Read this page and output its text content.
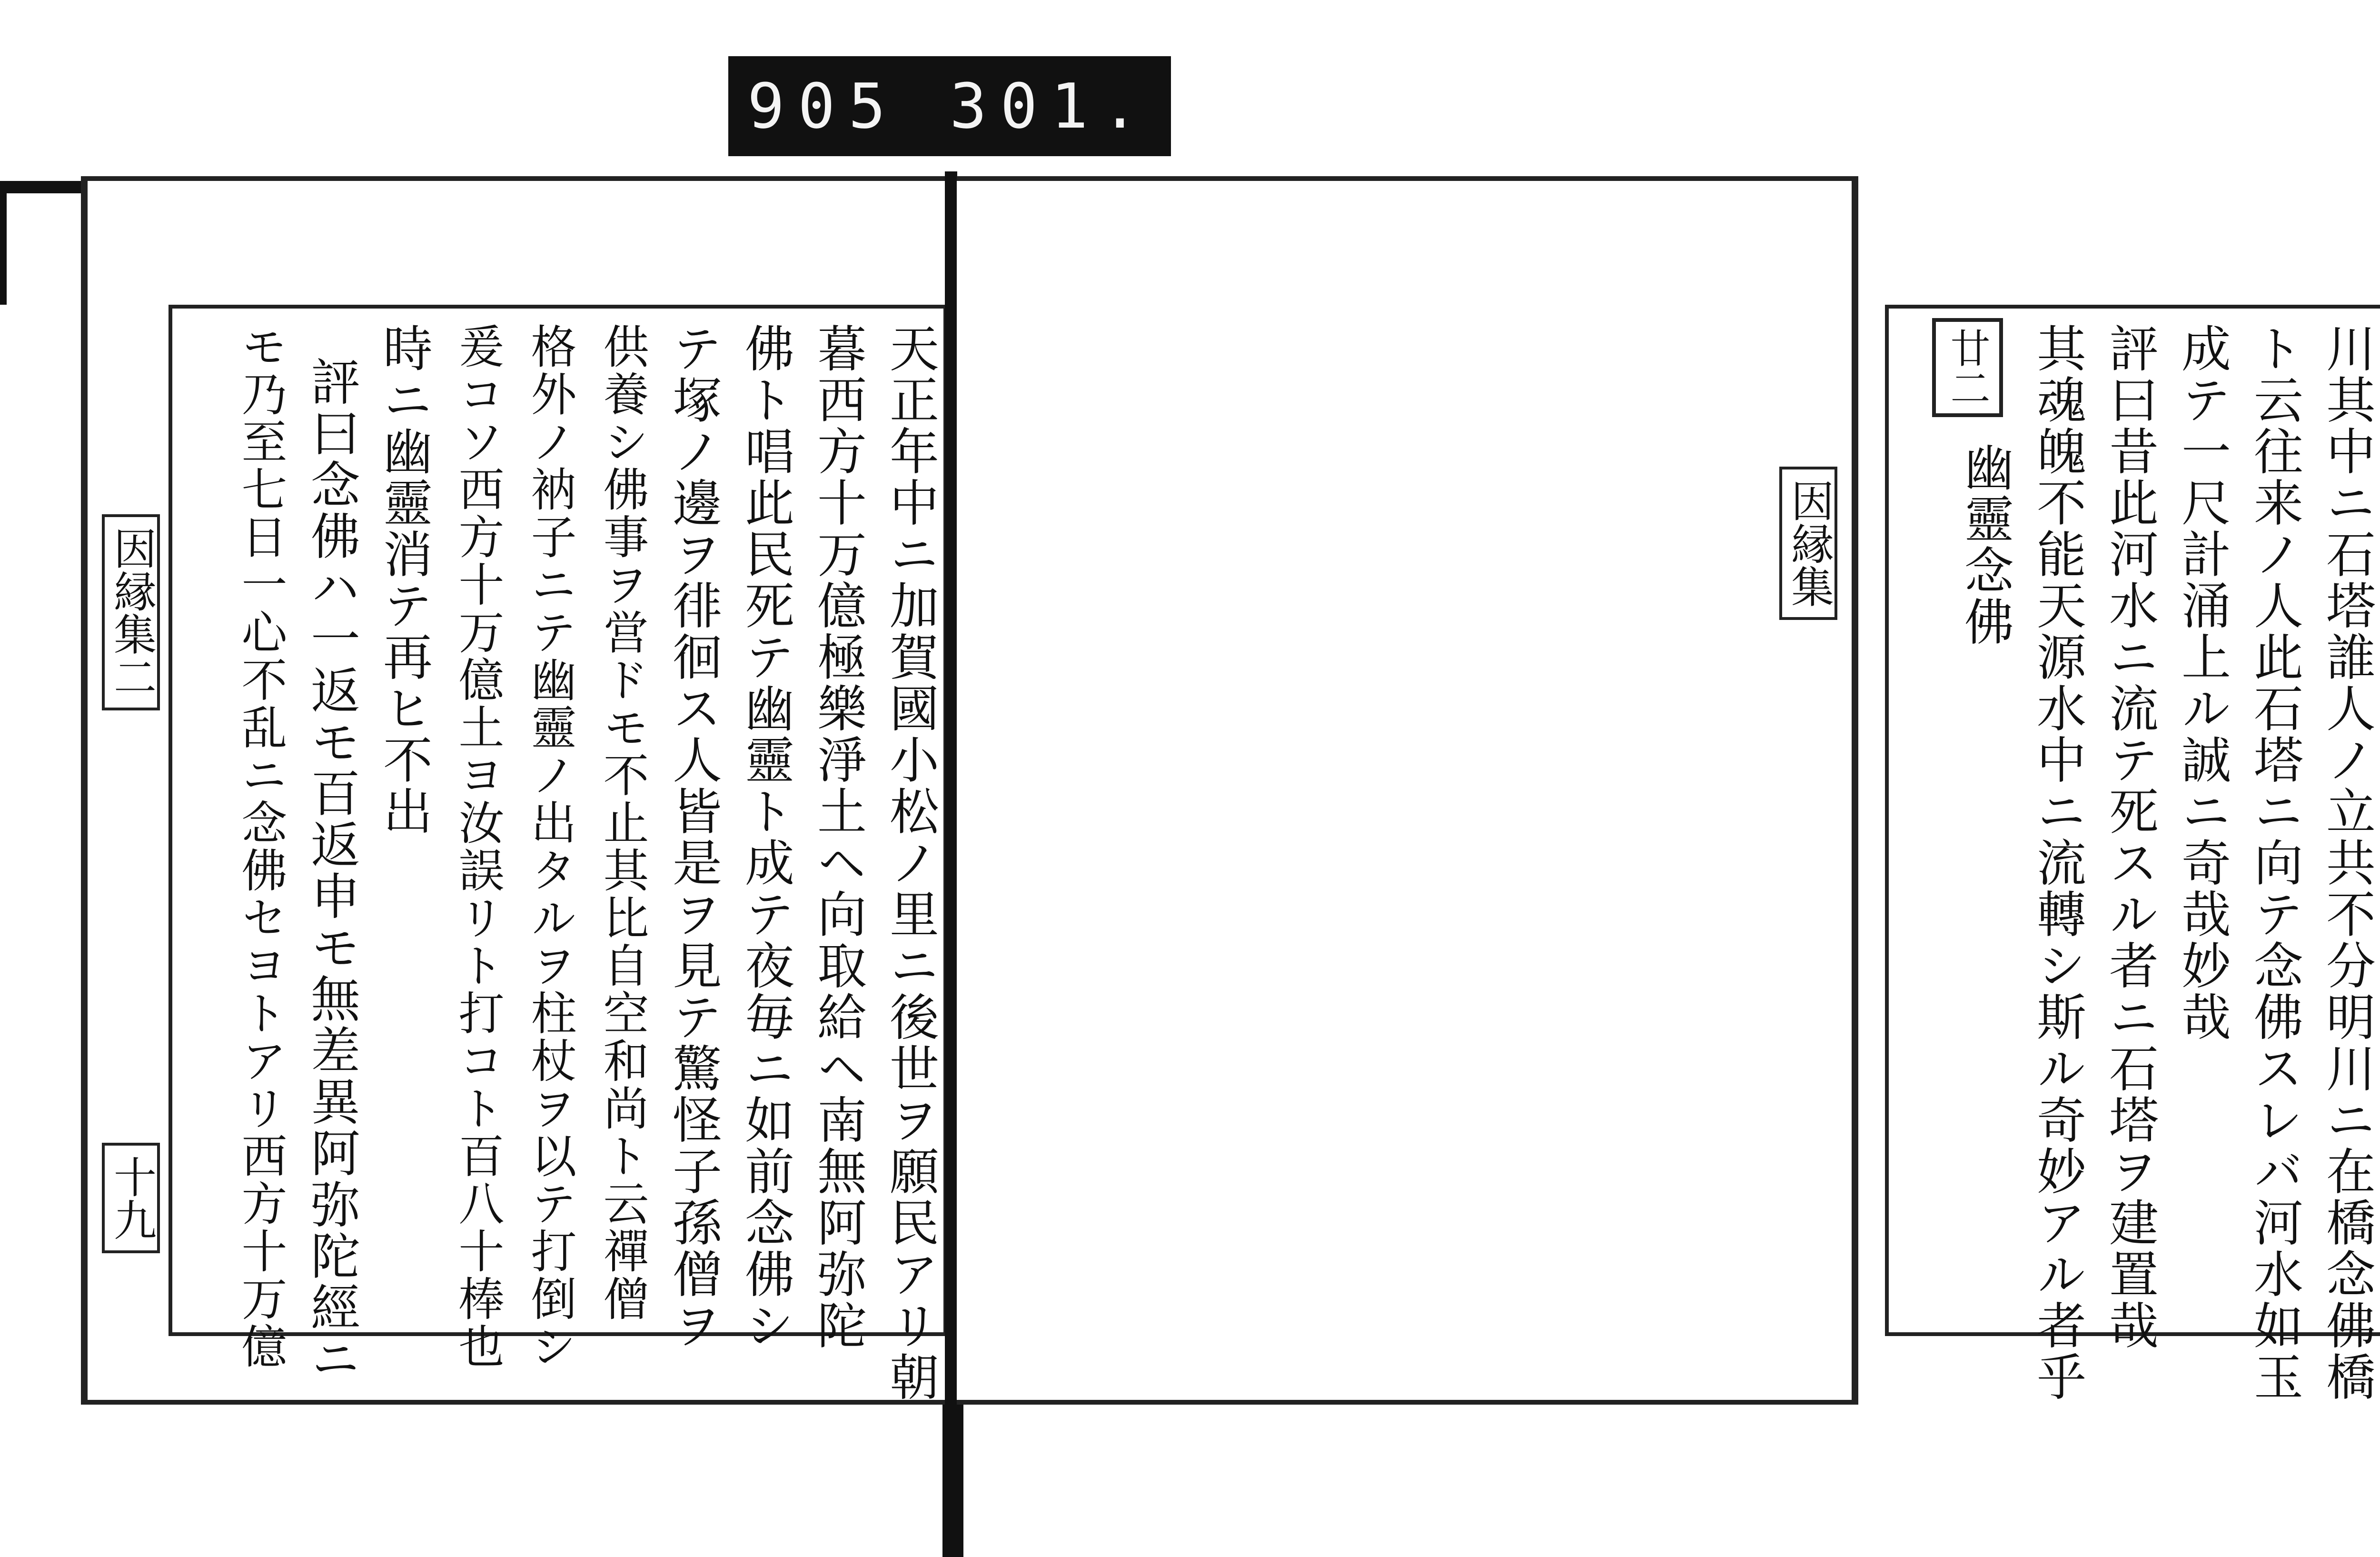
905 301.
因縁集二
十九	天正年中ニ加賀國小松ノ里ニ後世ヲ願民アリ朝
暮西方十万億極樂淨土ヘ向取給ヘ南無阿弥陀
佛ト唱此民死テ幽靈ト成テ夜毎ニ如前念佛シ
テ塚ノ邊ヲ徘徊ス人皆是ヲ見テ驚怪子孫僧ヲ
供養シ佛事ヲ営ドモ不止其比自空和尚ト云禪僧
格外ノ衲子ニテ幽靈ノ出タルヲ柱杖ヲ以テ打倒シ
爰コソ西方十万億土ヨ汝誤リト打コト百八十棒也
時ニ幽靈消テ再ヒ不出
評曰念佛ハ一返モ百返申モ無差異阿弥陀經ニ
モ乃至七日一心不乱ニ念佛セヨトアリ西方十万億	因縁集	川其中ニ石塔誰人ノ立共不分明川ニ在橋念佛橋
ト云往来ノ人此石塔ニ向テ念佛スレバ河水如玉
成テ一尺計涌上ル誠ニ奇哉妙哉
評曰昔此河水ニ流テ死スル者ニ石塔ヲ建置哉
其魂魄不能天源水中ニ流轉シ斯ル奇妙アル者乎
幽靈念佛
廿二
